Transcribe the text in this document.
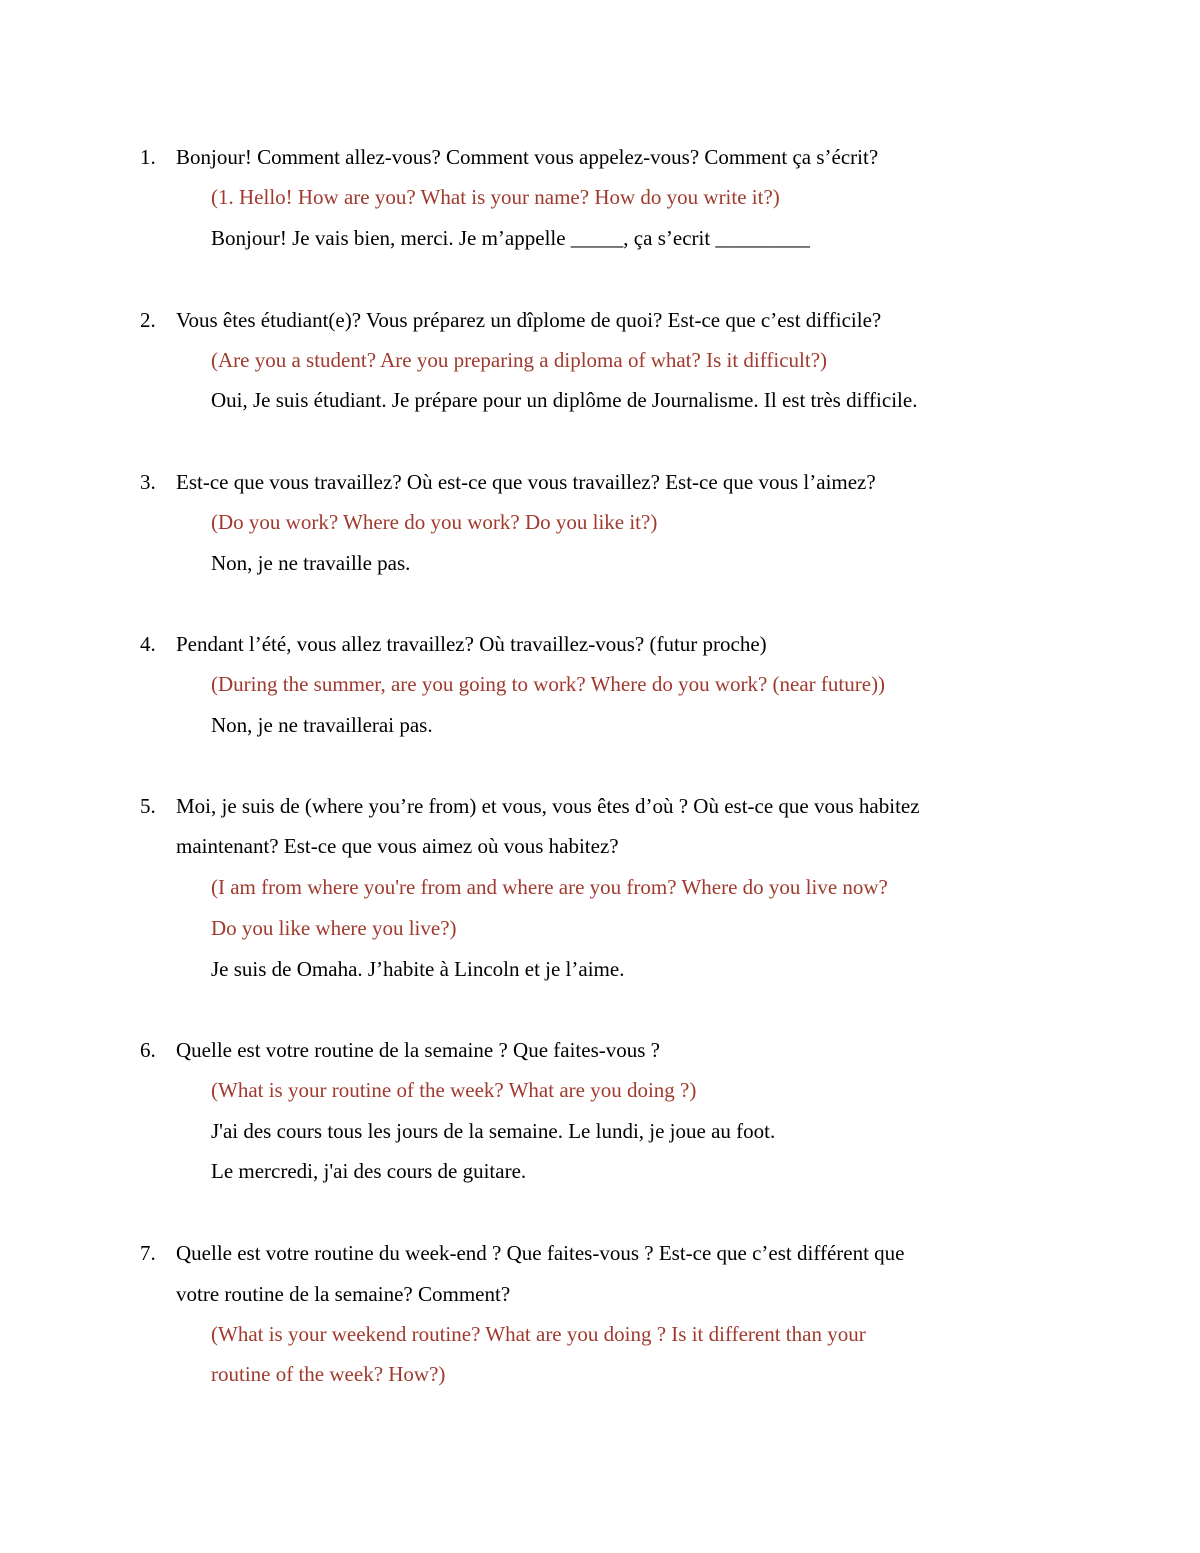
1. Bonjour! Comment allez-vous? Comment vous appelez-vous? Comment ça s’écrit?
(1. Hello! How are you? What is your name? How do you write it?)
Bonjour! Je vais bien, merci. Je m’appelle _____, ça s’ecrit _________
2. Vous êtes étudiant(e)? Vous préparez un dîplome de quoi? Est-ce que c’est difficile?
(Are you a student? Are you preparing a diploma of what? Is it difficult?)
Oui, Je suis étudiant. Je prépare pour un diplôme de Journalisme. Il est très difficile.
3. Est-ce que vous travaillez? Où est-ce que vous travaillez? Est-ce que vous l’aimez?
(Do you work? Where do you work? Do you like it?)
Non, je ne travaille pas.
4. Pendant l’été, vous allez travaillez? Où travaillez-vous? (futur proche)
(During the summer, are you going to work? Where do you work? (near future))
Non, je ne travaillerai pas.
5. Moi, je suis de (where you’re from) et vous, vous êtes d’où ? Où est-ce que vous habitez
maintenant? Est-ce que vous aimez où vous habitez?
(I am from where you're from and where are you from? Where do you live now?
Do you like where you live?)
Je suis de Omaha. J’habite à Lincoln et je l’aime.
6. Quelle est votre routine de la semaine ? Que faites-vous ?
(What is your routine of the week? What are you doing ?)
J'ai des cours tous les jours de la semaine. Le lundi, je joue au foot.
Le mercredi, j'ai des cours de guitare.
7. Quelle est votre routine du week-end ? Que faites-vous ? Est-ce que c’est différent que
votre routine de la semaine? Comment?
(What is your weekend routine? What are you doing ? Is it different than your
routine of the week? How?)
